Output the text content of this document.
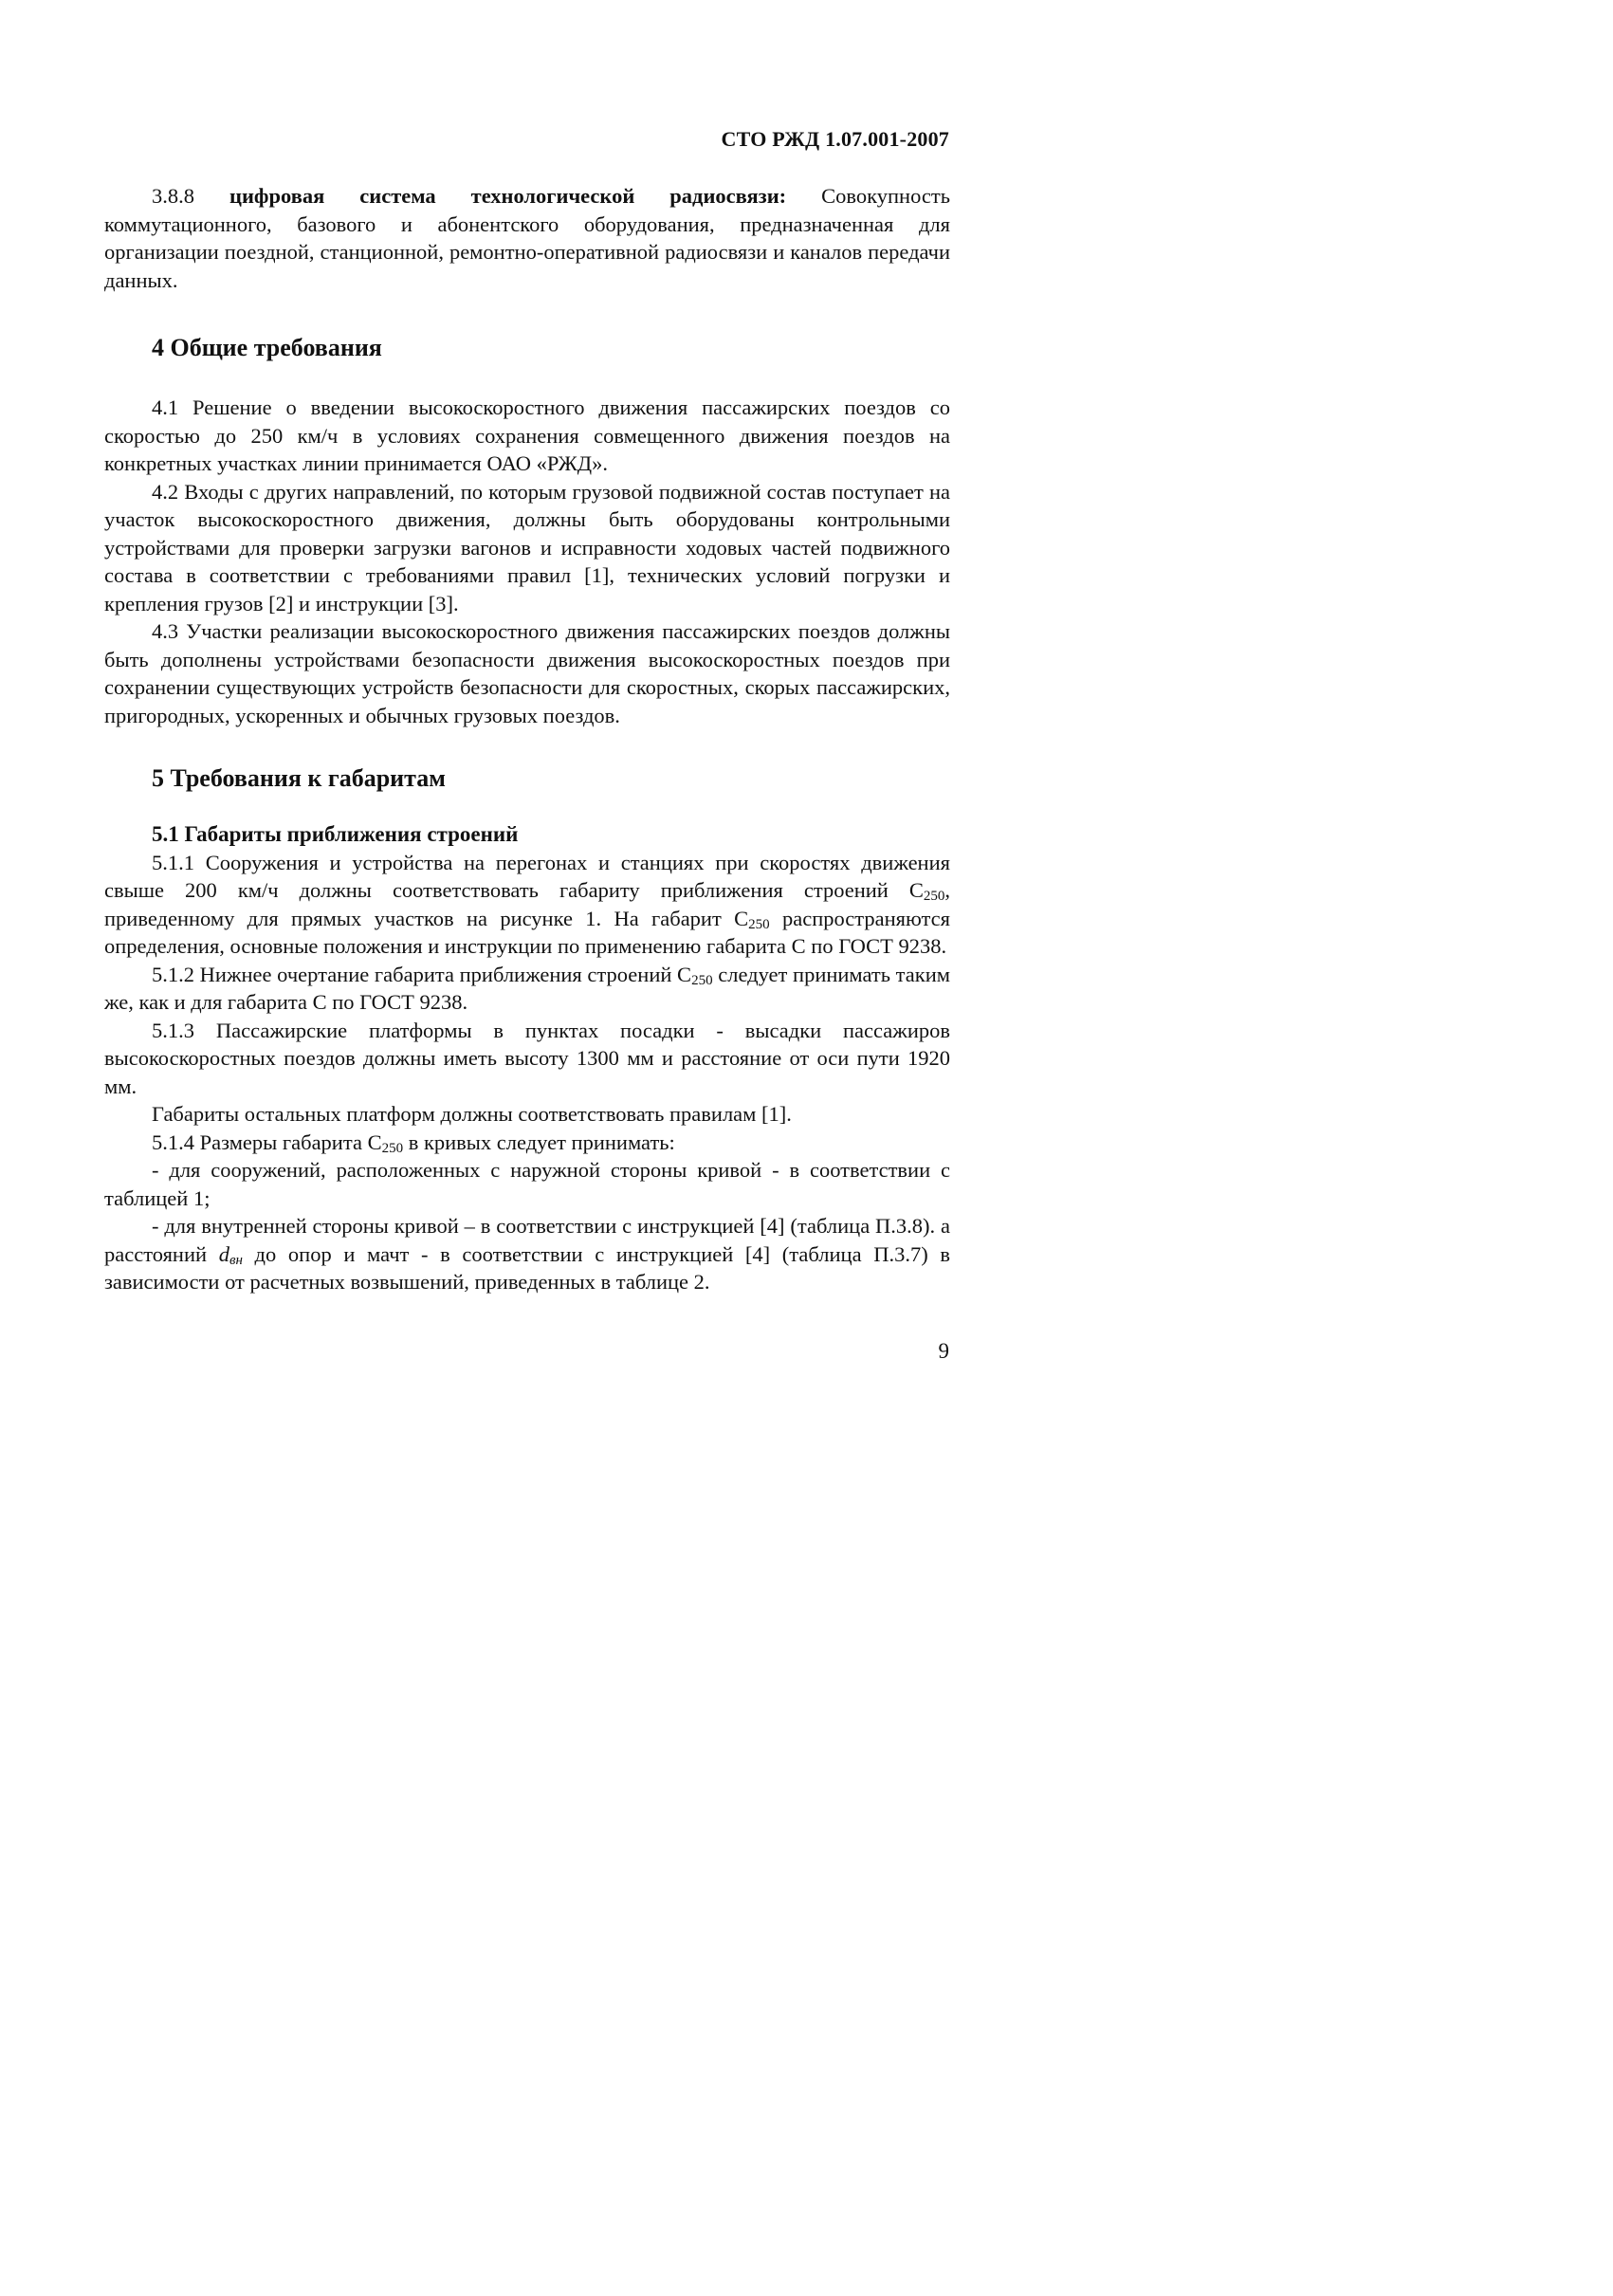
СТО РЖД 1.07.001-2007

3.8.8 цифровая система технологической радиосвязи: Совокупность коммутационного, базового и абонентского оборудования, предназначенная для организации поездной, станционной, ремонтно-оперативной радиосвязи и каналов передачи данных.

4 Общие требования

4.1 Решение о введении высокоскоростного движения пассажирских поездов со скоростью до 250 км/ч в условиях сохранения совмещенного движения поездов на конкретных участках линии принимается ОАО «РЖД».

4.2 Входы с других направлений, по которым грузовой подвижной состав поступает на участок высокоскоростного движения, должны быть оборудованы контрольными устройствами для проверки загрузки вагонов и исправности ходовых частей подвижного состава в соответствии с требованиями правил [1], технических условий погрузки и крепления грузов [2] и инструкции [3].

4.3 Участки реализации высокоскоростного движения пассажирских поездов должны быть дополнены устройствами безопасности движения высокоскоростных поездов при сохранении существующих устройств безопасности для скоростных, скорых пассажирских, пригородных, ускоренных и обычных грузовых поездов.

5 Требования к габаритам
5.1 Габариты приближения строений

5.1.1 Сооружения и устройства на перегонах и станциях при скоростях движения свыше 200 км/ч должны соответствовать габариту приближения строений $С_{250}$, приведенному для прямых участков на рисунке 1. На габарит $С_{250}$ распространяются определения, основные положения и инструкции по применению габарита С по ГОСТ 9238.

5.1.2 Нижнее очертание габарита приближения строений $С_{250}$ следует принимать таким же, как и для габарита С по ГОСТ 9238.

5.1.3 Пассажирские платформы в пунктах посадки - высадки пассажиров высокоскоростных поездов должны иметь высоту 1300 мм и расстояние от оси пути 1920 мм.

Габариты остальных платформ должны соответствовать правилам [1].

5.1.4 Размеры габарита $С_{250}$ в кривых следует принимать:

- для сооружений, расположенных с наружной стороны кривой - в соответствии с таблицей 1;

- для внутренней стороны кривой – в соответствии с инструкцией [4] (таблица П.3.8). а расстояний $d_{вн}$ до опор и мачт - в соответствии с инструкцией [4] (таблица П.3.7) в зависимости от расчетных возвышений, приведенных в таблице 2.

9
